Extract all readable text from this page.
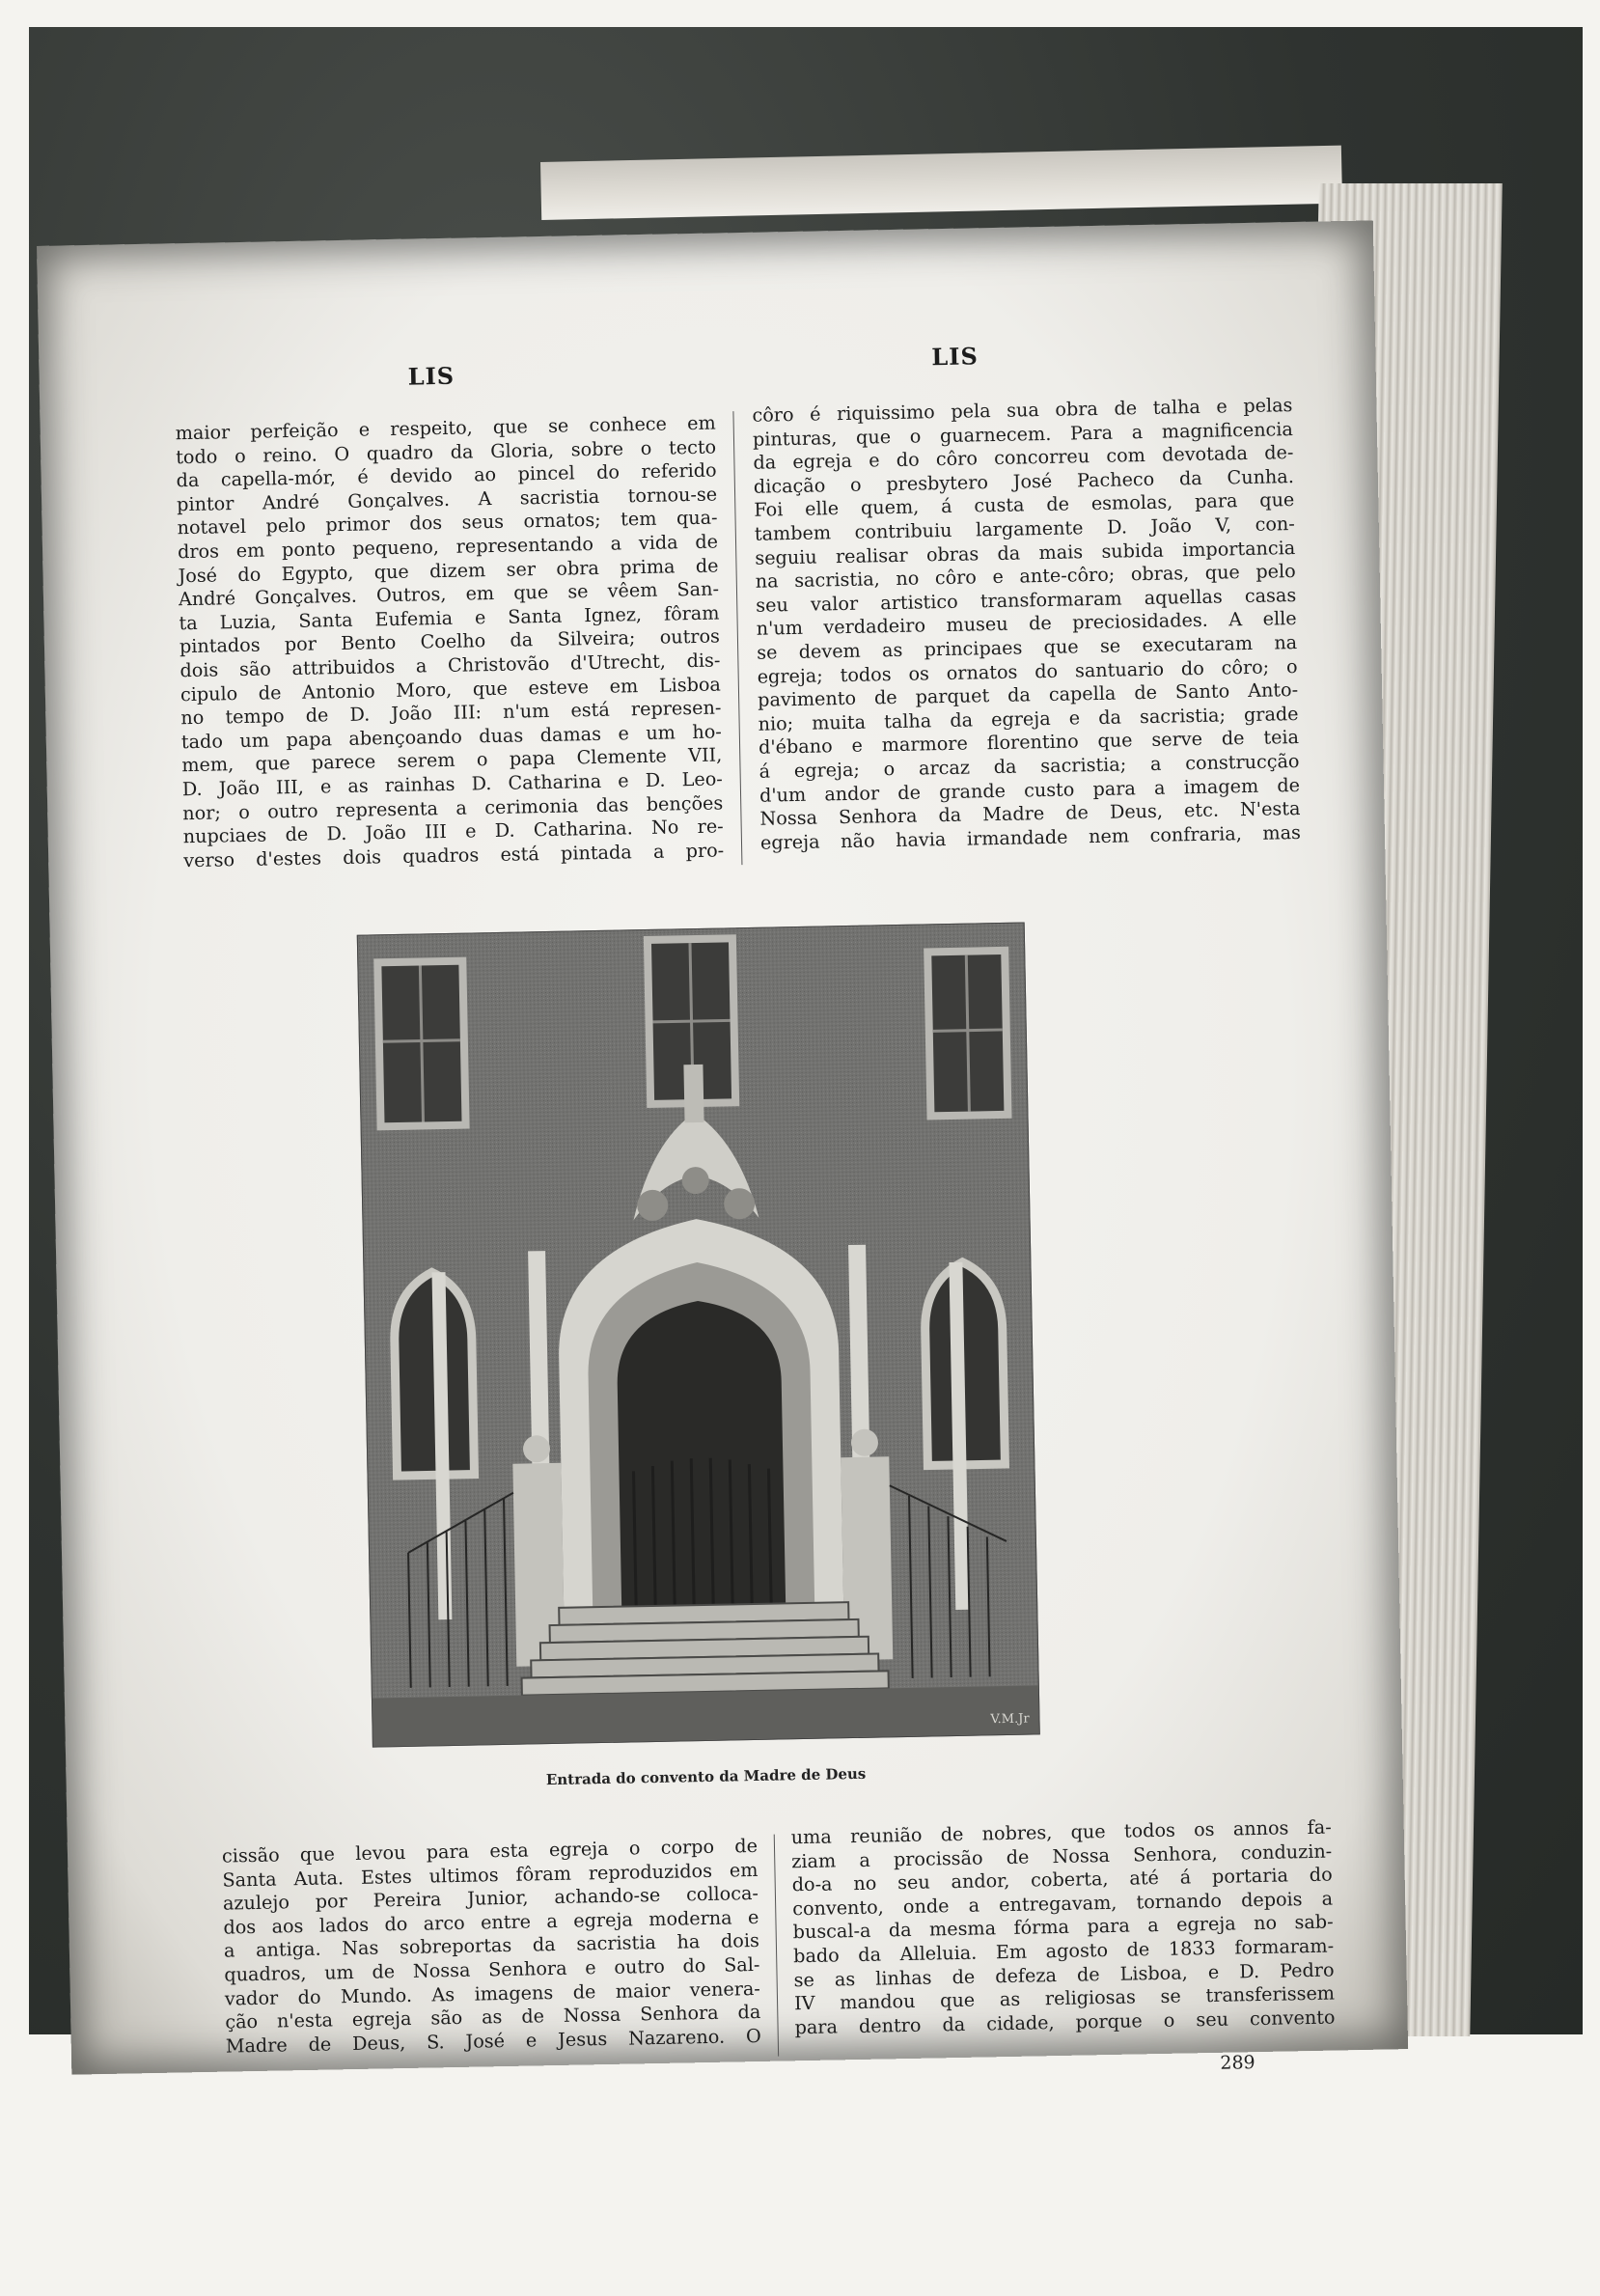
LIS
LIS

maior perfeição e respeito, que se conhece em

todo o reino. O quadro da Gloria, sobre o tecto

da capella-mór, é devido ao pincel do referido

pintor André Gonçalves. A sacristia tornou-se

notavel pelo primor dos seus ornatos; tem qua-

dros em ponto pequeno, representando a vida de

José do Egypto, que dizem ser obra prima de

André Gonçalves. Outros, em que se vêem San-

ta Luzia, Santa Eufemia e Santa Ignez, fôram

pintados por Bento Coelho da Silveira; outros

dois são attribuidos a Christovão d'Utrecht, dis-

cipulo de Antonio Moro, que esteve em Lisboa

no tempo de D. João III: n'um está represen-

tado um papa abençoando duas damas e um ho-

mem, que parece serem o papa Clemente VII,

D. João III, e as rainhas D. Catharina e D. Leo-

nor; o outro representa a cerimonia das benções

nupciaes de D. João III e D. Catharina. No re-

verso d'estes dois quadros está pintada a pro-

côro é riquissimo pela sua obra de talha e pelas

pinturas, que o guarnecem. Para a magnificencia

da egreja e do côro concorreu com devotada de-

dicação o presbytero José Pacheco da Cunha.

Foi elle quem, á custa de esmolas, para que

tambem contribuiu largamente D. João V, con-

seguiu realisar obras da mais subida importancia

na sacristia, no côro e ante-côro; obras, que pelo

seu valor artistico transformaram aquellas casas

n'um verdadeiro museu de preciosidades. A elle

se devem as principaes que se executaram na

egreja; todos os ornatos do santuario do côro; o

pavimento de parquet da capella de Santo Anto-

nio; muita talha da egreja e da sacristia; grade

d'ébano e marmore florentino que serve de teia

á egreja; o arcaz da sacristia; a construcção

d'um andor de grande custo para a imagem de

Nossa Senhora da Madre de Deus, etc. N'esta

egreja não havia irmandade nem confraria, mas

V.M.Jr
Entrada do convento da Madre de Deus

cissão que levou para esta egreja o corpo de

Santa Auta. Estes ultimos fôram reproduzidos em

azulejo por Pereira Junior, achando-se colloca-

dos aos lados do arco entre a egreja moderna e

a antiga. Nas sobreportas da sacristia ha dois

quadros, um de Nossa Senhora e outro do Sal-

vador do Mundo. As imagens de maior venera-

ção n'esta egreja são as de Nossa Senhora da

Madre de Deus, S. José e Jesus Nazareno. O

uma reunião de nobres, que todos os annos fa-

ziam a procissão de Nossa Senhora, conduzin-

do-a no seu andor, coberta, até á portaria do

convento, onde a entregavam, tornando depois a

buscal-a da mesma fórma para a egreja no sab-

bado da Alleluia. Em agosto de 1833 formaram-

se as linhas de defeza de Lisboa, e D. Pedro

IV mandou que as religiosas se transferissem

para dentro da cidade, porque o seu convento

289
